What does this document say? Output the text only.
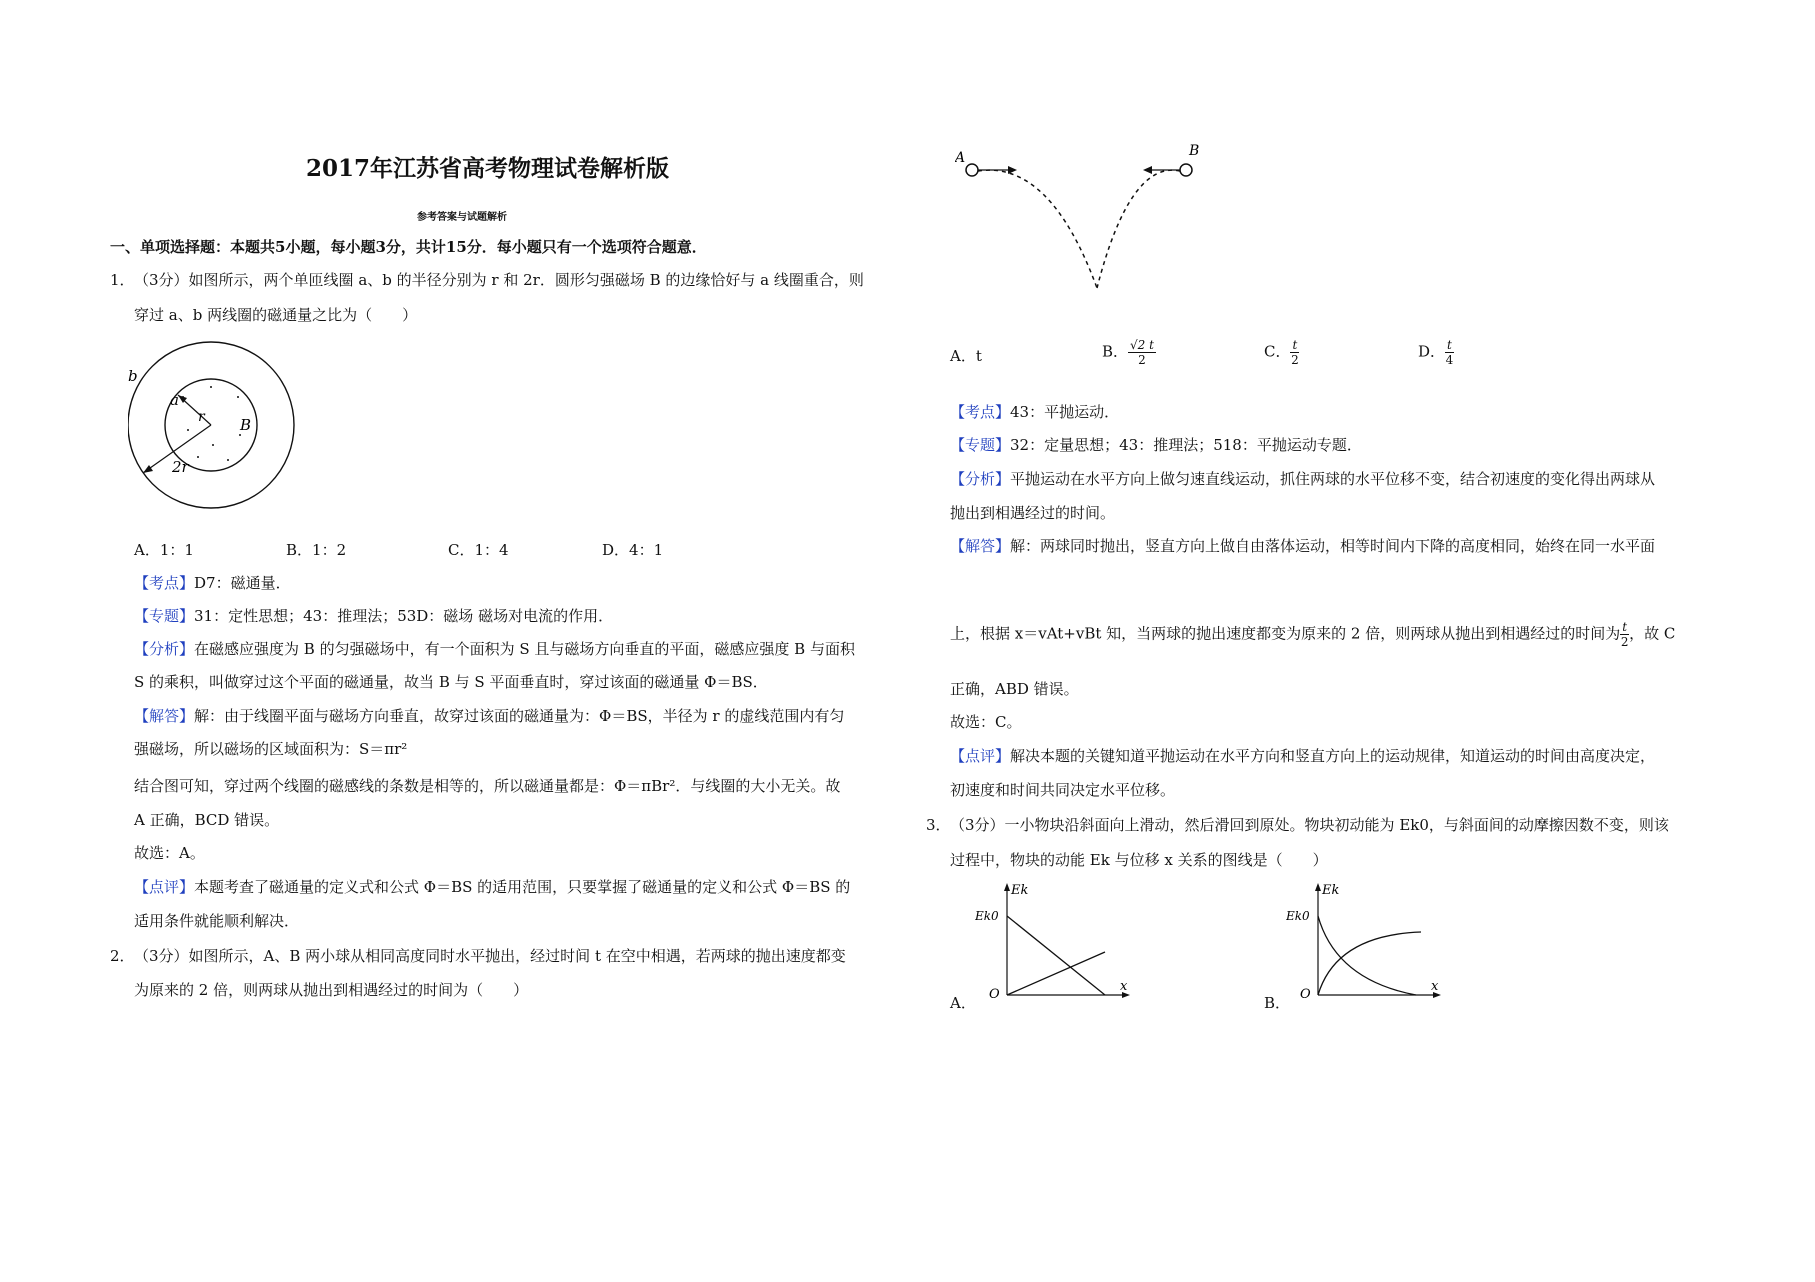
2017年江苏省高考物理试卷解析版
参考答案与试题解析
一、单项选择题：本题共5小题，每小题3分，共计15分．每小题只有一个选项符合题意．
1． （3分）如图所示，两个单匝线圈 a、b 的半径分别为 r 和 2r．圆形匀强磁场 B 的边缘恰好与 a 线圈重合，则
穿过 a、b 两线圈的磁通量之比为（　　）
b
a
r B
2r
A．1：1	B．1：2	C．1：4	D．4：1
【考点】D7：磁通量．
【专题】31：定性思想；43：推理法；53D：磁场 磁场对电流的作用．
【分析】在磁感应强度为 B 的匀强磁场中，有一个面积为 S 且与磁场方向垂直的平面，磁感应强度 B 与面积
S 的乘积，叫做穿过这个平面的磁通量，故当 B 与 S 平面垂直时，穿过该面的磁通量 Φ＝BS．
【解答】解：由于线圈平面与磁场方向垂直，故穿过该面的磁通量为：Φ＝BS，半径为 r 的虚线范围内有匀
强磁场，所以磁场的区域面积为：S＝πr²
结合图可知，穿过两个线圈的磁感线的条数是相等的，所以磁通量都是：Φ＝πBr²．与线圈的大小无关。故
A 正确，BCD 错误。
故选：A。
【点评】本题考查了磁通量的定义式和公式 Φ＝BS 的适用范围，只要掌握了磁通量的定义和公式 Φ＝BS 的
适用条件就能顺利解决．
2． （3分）如图所示，A、B 两小球从相同高度同时水平抛出，经过时间 t 在空中相遇，若两球的抛出速度都变
为原来的 2 倍，则两球从抛出到相遇经过的时间为（　　）
A	B
A．t	B． $\frac{√2 t}{2}$	C． $\frac{t}{2}$	D． $\frac{t}{4}$
【考点】43：平抛运动．
【专题】32：定量思想；43：推理法；518：平抛运动专题．
【分析】平抛运动在水平方向上做匀速直线运动，抓住两球的水平位移不变，结合初速度的变化得出两球从
抛出到相遇经过的时间。
【解答】解：两球同时抛出，竖直方向上做自由落体运动，相等时间内下降的高度相同，始终在同一水平面
上，根据 x＝vAt+vBt 知，当两球的抛出速度都变为原来的 2 倍，则两球从抛出到相遇经过的时间为 $\frac{t}{2}$ ，故 C
正确，ABD 错误。
故选：C。
【点评】解决本题的关键知道平抛运动在水平方向和竖直方向上的运动规律，知道运动的时间由高度决定，
初速度和时间共同决定水平位移。
3． （3分）一小物块沿斜面向上滑动，然后滑回到原处。物块初动能为 Ek0，与斜面间的动摩擦因数不变，则该
过程中，物块的动能 Ek 与位移 x 关系的图线是（　　）
Ek
Ek0
O
x
A．
Ek
Ek0
O
x
B．
